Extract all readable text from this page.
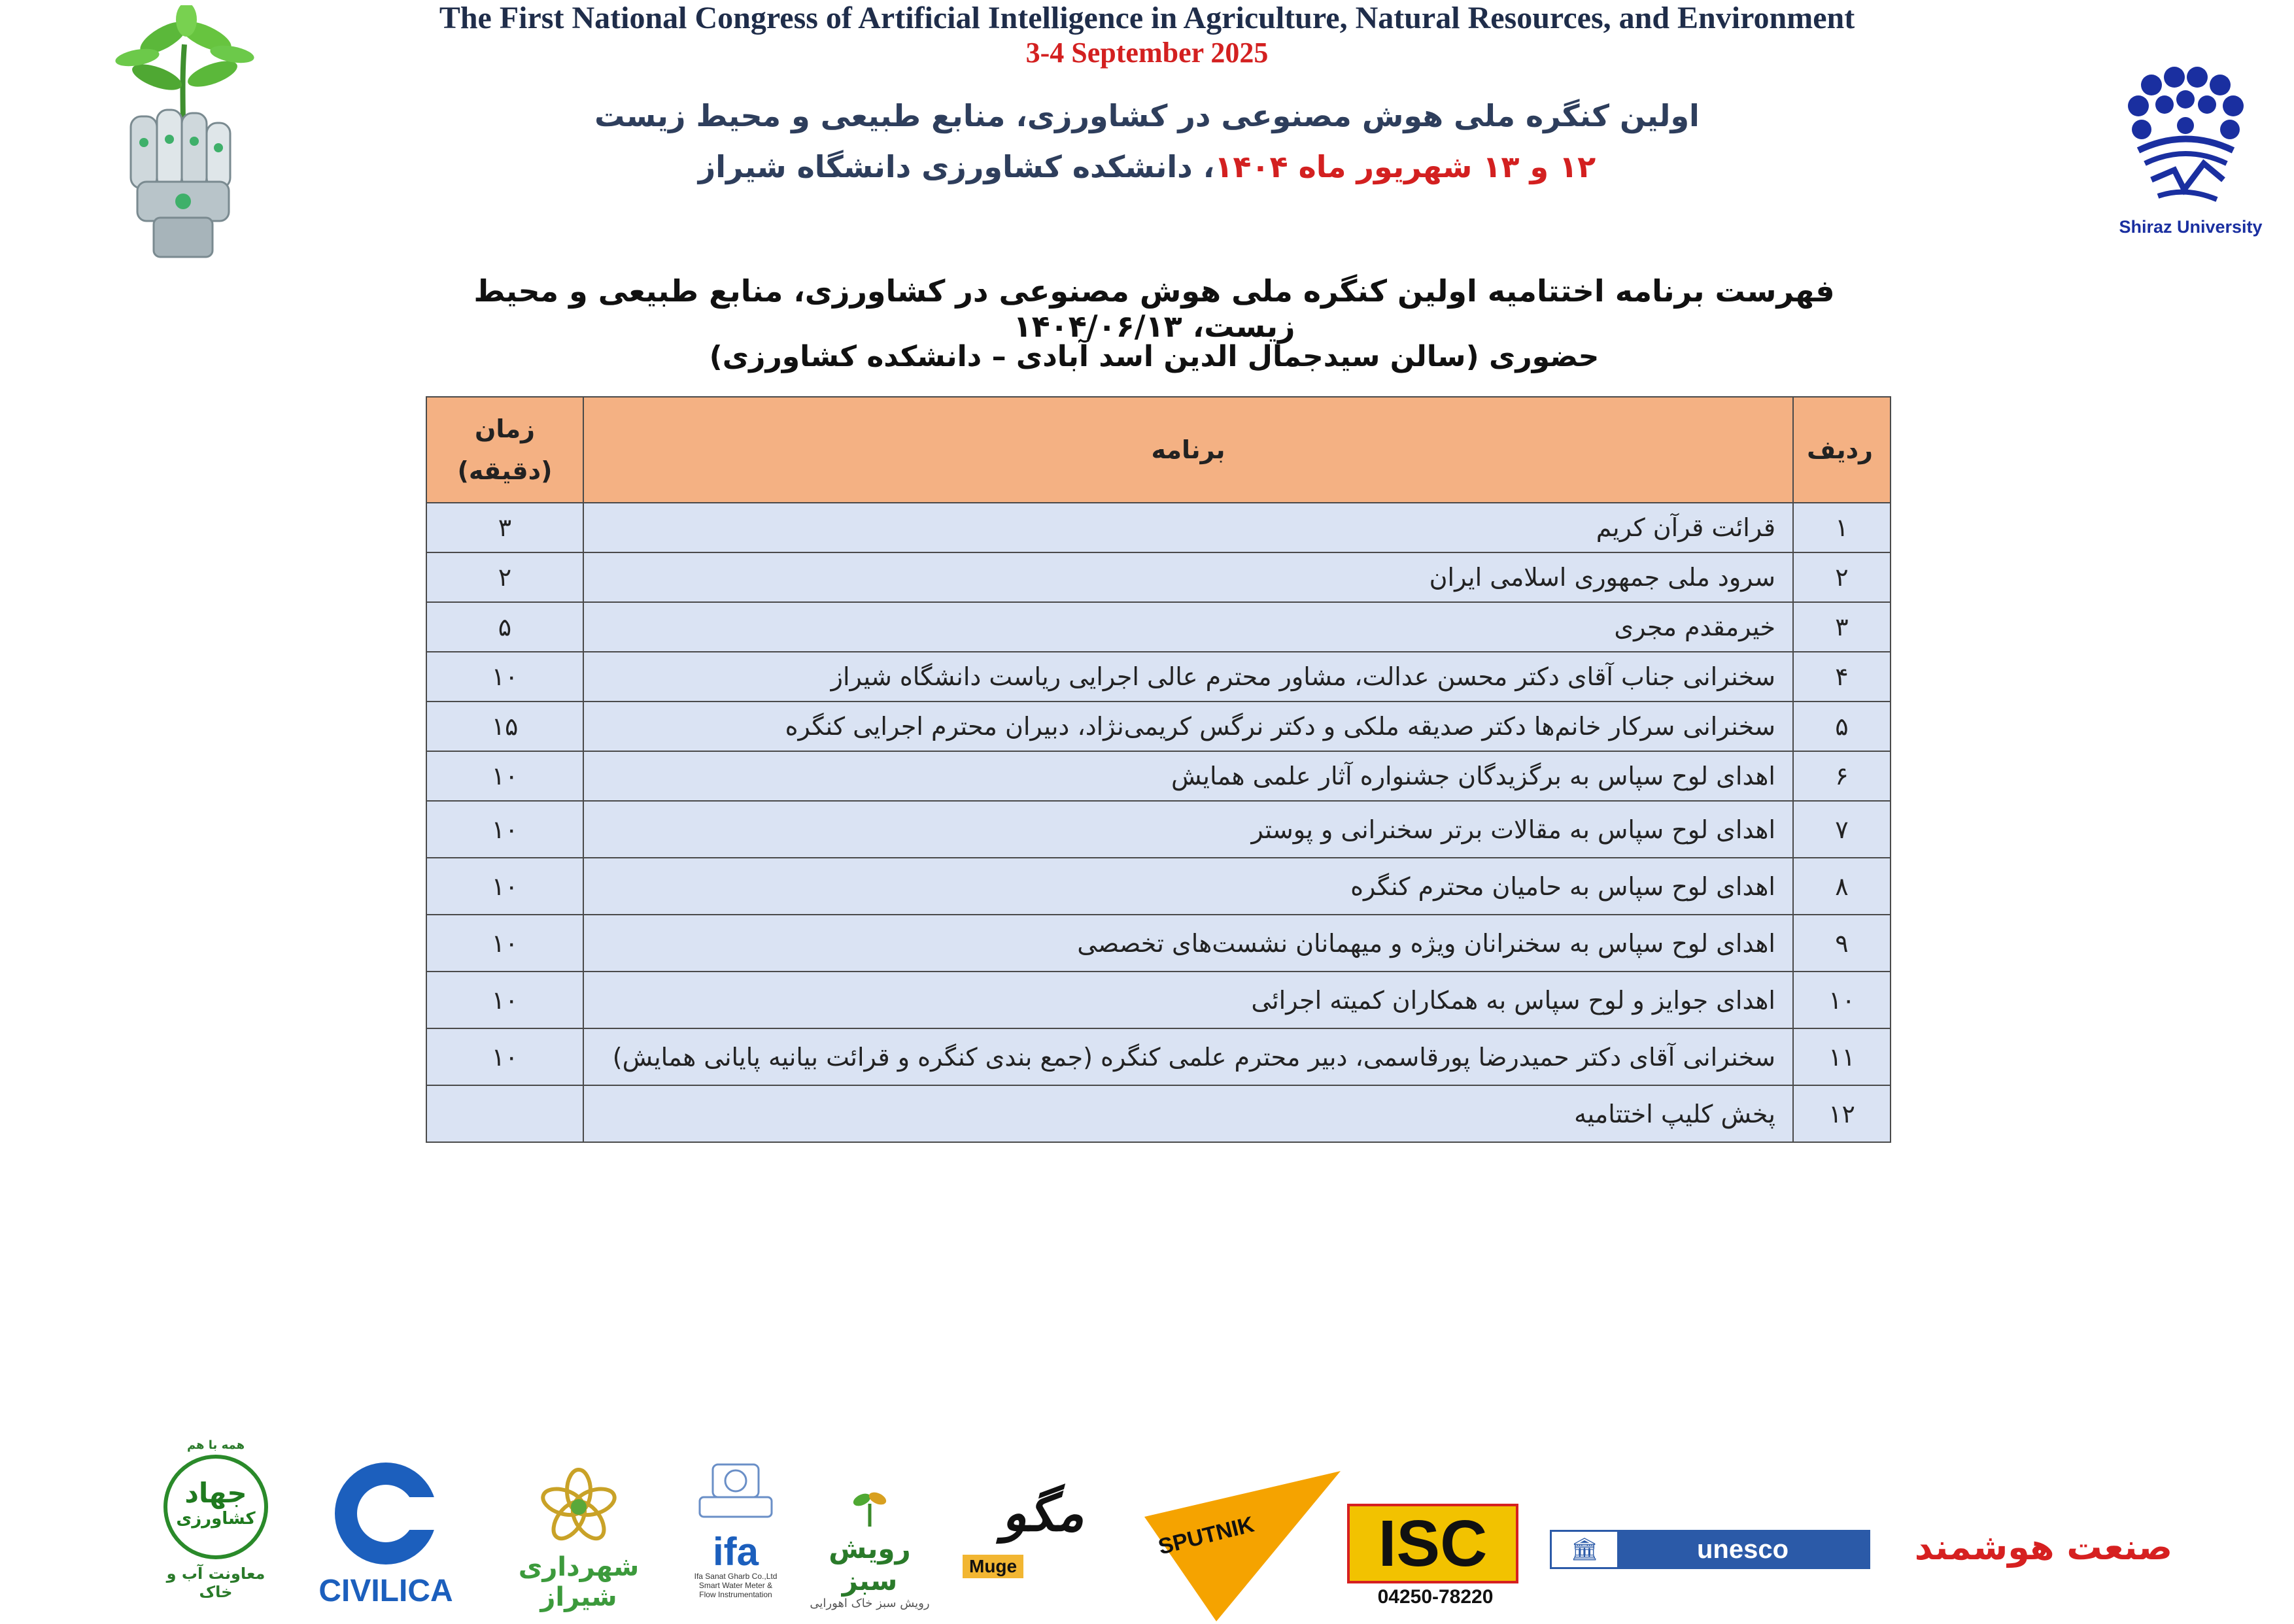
Shiraz University
اولین کنگره ملی هوش مصنوعی در کشاورزی، منابع طبیعی و محیط زیست
۱۲ و ۱۳ شهریور ماه ۱۴۰۴، دانشکده کشاورزی دانشگاه شیراز
The First National Congress of Artificial Intelligence in Agriculture, Natural Resources, and Environment
3-4 September 2025
فهرست برنامه اختتامیه اولین کنگره ملی هوش مصنوعی در کشاورزی، منابع طبیعی و محیط زیست، ۱۴۰۴/۰۶/۱۳
حضوری (سالن سیدجمال الدین اسد آبادی – دانشکده کشاورزی)
ردیف	برنامه	زمان
(دقیقه)

۱	قرائت قرآن کریم	۳
۲	سرود ملی جمهوری اسلامی ایران	۲
۳	خیرمقدم مجری	۵
۴	سخنرانی جناب آقای دکتر محسن عدالت، مشاور محترم عالی اجرایی ریاست دانشگاه شیراز	۱۰
۵	سخنرانی سرکار خانم‌ها دکتر صدیقه ملکی و دکتر نرگس کریمی‌نژاد، دبیران محترم اجرایی کنگره	۱۵
۶	اهدای لوح سپاس به برگزیدگان جشنواره آثار علمی همایش	۱۰
۷	اهدای لوح سپاس به مقالات برتر سخنرانی و پوستر	۱۰
۸	اهدای لوح سپاس به حامیان محترم کنگره	۱۰
۹	اهدای لوح سپاس به سخنرانان ویژه و میهمانان نشست‌های تخصصی	۱۰
۱۰	اهدای جوایز و لوح سپاس به همکاران کمیته اجرائی	۱۰
۱۱	سخنرانی آقای دکتر حمیدرضا پورقاسمی، دبیر محترم علمی کنگره (جمع بندی کنگره و قرائت بیانیه پایانی همایش)	۱۰
۱۲	پخش کلیپ اختتامیه	
همه با هم
جهاد
کشاورزی
معاونت آب و خاک	CIVILICA
شهرداری شیراز
ifa
Ifa Sanat Gharb Co.,Ltd
Smart Water Meter &
Flow Instrumentation
رویش سبز
رویش سبز خاک اهورایی
مگو
Muge
SPUTNIK	ISC
04250-78220
🏛	unesco	صنعت هوشمند
